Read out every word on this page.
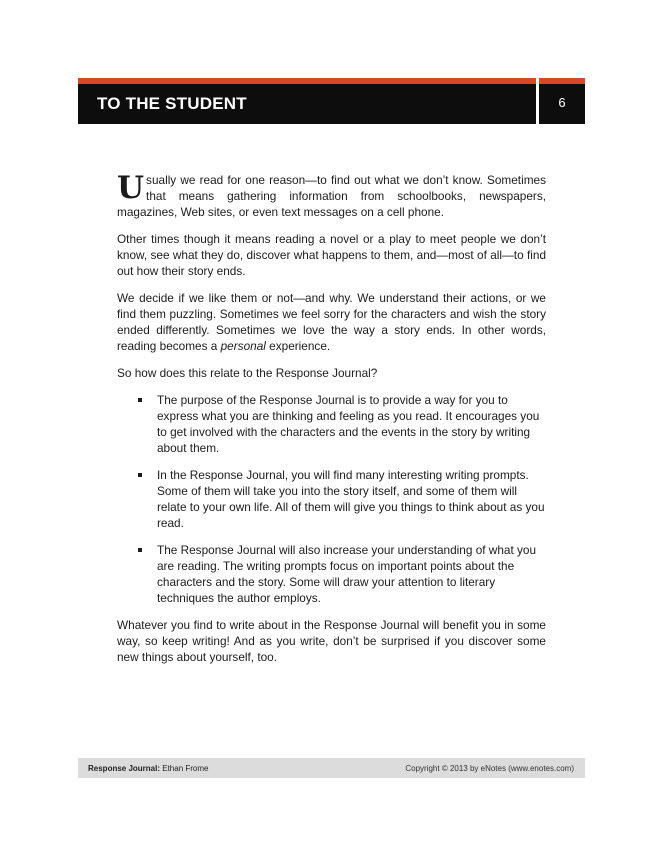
TO THE STUDENT	6

Usually we read for one reason—to find out what we don’t know. Sometimes that means gathering information from schoolbooks, newspapers, magazines, Web sites, or even text messages on a cell phone.

Other times though it means reading a novel or a play to meet people we don’t know, see what they do, discover what happens to them, and—most of all—to find out how their story ends.

We decide if we like them or not—and why. We understand their actions, or we find them puzzling. Sometimes we feel sorry for the characters and wish the story ended differently. Sometimes we love the way a story ends. In other words, reading becomes a personal experience.

So how does this relate to the Response Journal?

The purpose of the Response Journal is to provide a way for you to express what you are thinking and feeling as you read. It encourages you to get involved with the characters and the events in the story by writing about them.
In the Response Journal, you will find many interesting writing prompts. Some of them will take you into the story itself, and some of them will relate to your own life. All of them will give you things to think about as you read.
The Response Journal will also increase your understanding of what you are reading. The writing prompts focus on important points about the characters and the story. Some will draw your attention to literary techniques the author employs.

Whatever you find to write about in the Response Journal will benefit you in some way, so keep writing! And as you write, don’t be surprised if you discover some new things about yourself, too.

Response Journal: Ethan Frome	Copyright © 2013 by eNotes (www.enotes.com)
